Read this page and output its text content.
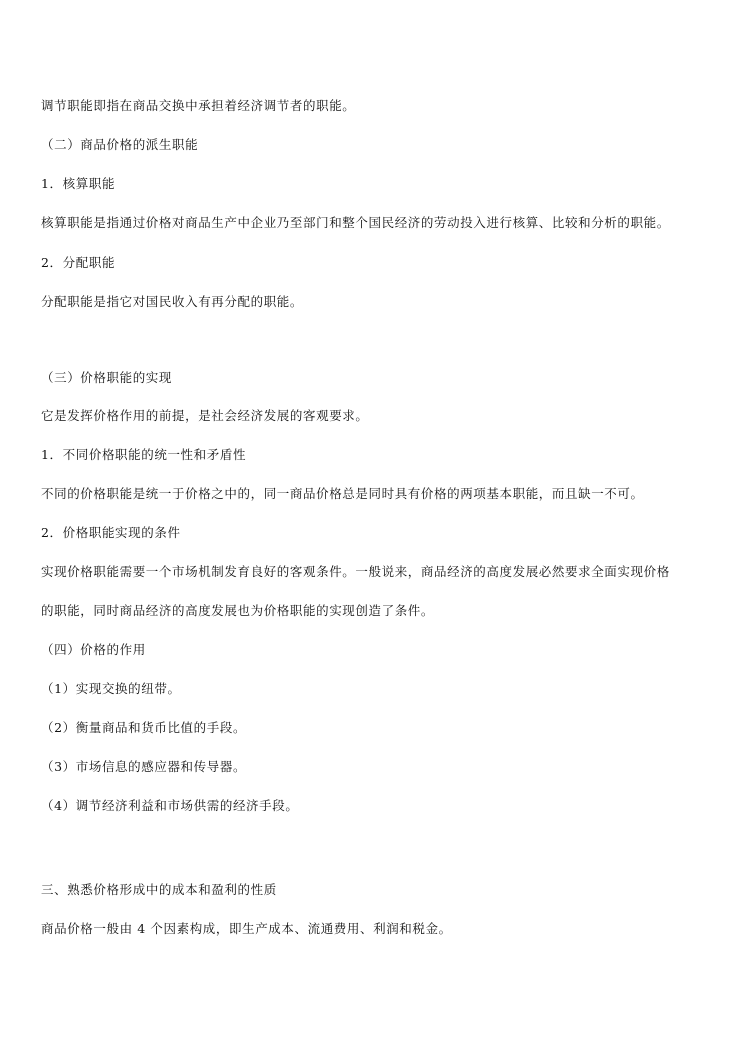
调节职能即指在商品交换中承担着经济调节者的职能。
（二）商品价格的派生职能
1．核算职能
核算职能是指通过价格对商品生产中企业乃至部门和整个国民经济的劳动投入进行核算、比较和分析的职能。
2．分配职能
分配职能是指它对国民收入有再分配的职能。
（三）价格职能的实现
它是发挥价格作用的前提，是社会经济发展的客观要求。
1．不同价格职能的统一性和矛盾性
不同的价格职能是统一于价格之中的，同一商品价格总是同时具有价格的两项基本职能，而且缺一不可。
2．价格职能实现的条件
实现价格职能需要一个市场机制发育良好的客观条件。一般说来，商品经济的高度发展必然要求全面实现价格
的职能，同时商品经济的高度发展也为价格职能的实现创造了条件。
（四）价格的作用
（1）实现交换的纽带。
（2）衡量商品和货币比值的手段。
（3）市场信息的感应器和传导器。
（4）调节经济利益和市场供需的经济手段。
三、熟悉价格形成中的成本和盈利的性质
商品价格一般由 4 个因素构成，即生产成本、流通费用、利润和税金。
